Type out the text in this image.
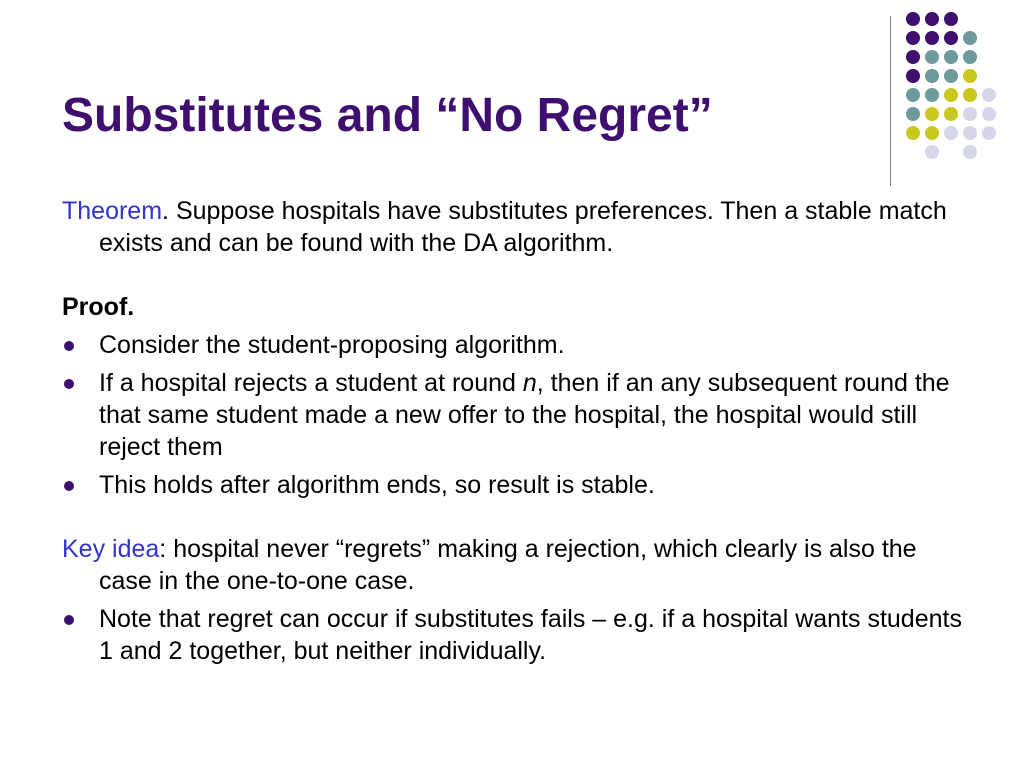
Substitutes and “No Regret”
Theorem. Suppose hospitals have substitutes preferences. Then a stable match exists and can be found with the DA algorithm.
Proof.
Consider the student-proposing algorithm.
If a hospital rejects a student at round n, then if an any subsequent round the that same student made a new offer to the hospital, the hospital would still reject them
This holds after algorithm ends, so result is stable.
Key idea: hospital never “regrets” making a rejection, which clearly is also the case in the one-to-one case.
Note that regret can occur if substitutes fails – e.g. if a hospital wants students 1 and 2 together, but neither individually.
